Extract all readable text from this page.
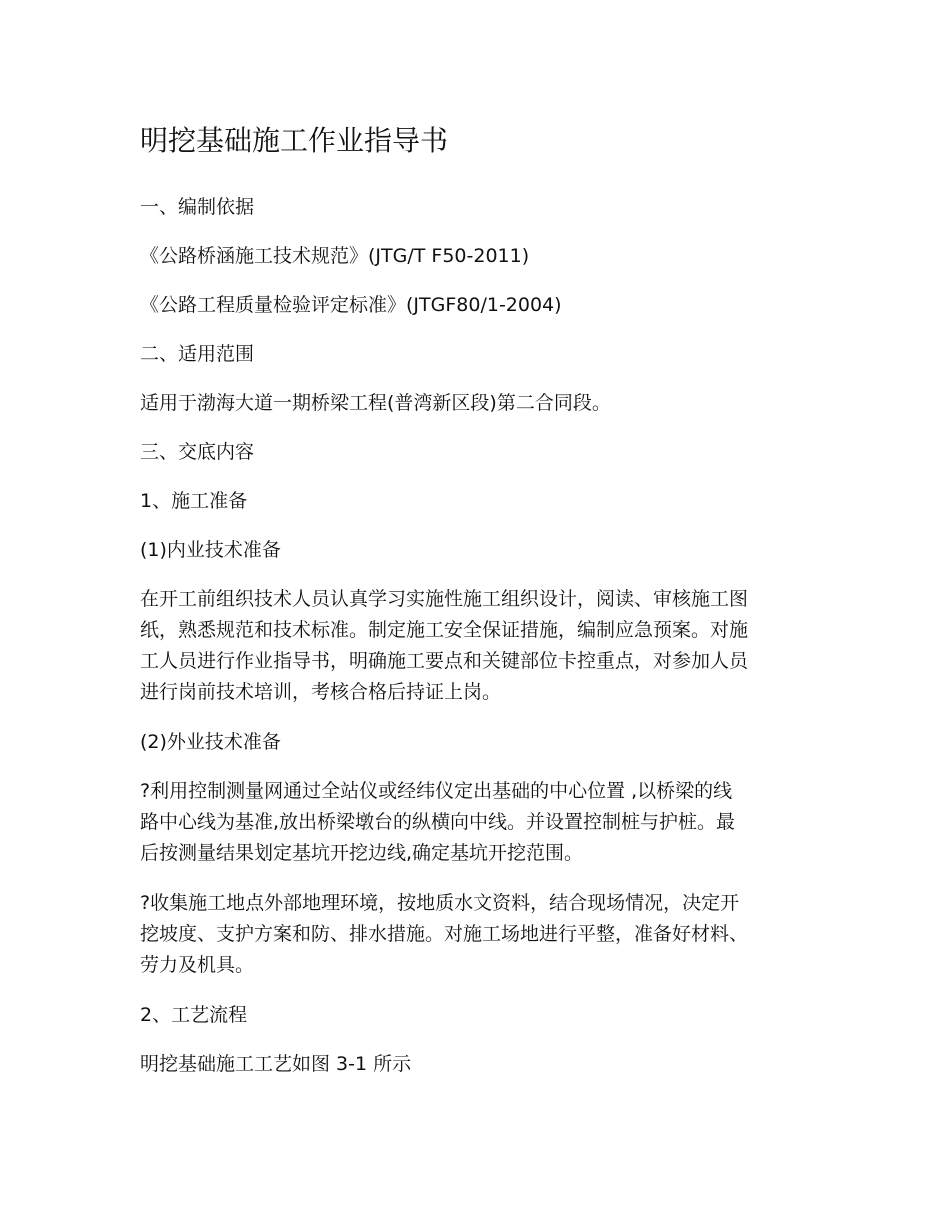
明挖基础施工作业指导书
一、编制依据
《公路桥涵施工技术规范》(JTG/T F50-2011)
《公路工程质量检验评定标准》(JTGF80/1-2004)
二、适用范围
适用于渤海大道一期桥梁工程(普湾新区段)第二合同段。
三、交底内容
1、施工准备
(1)内业技术准备
在开工前组织技术人员认真学习实施性施工组织设计，阅读、审核施工图
纸，熟悉规范和技术标准。制定施工安全保证措施，编制应急预案。对施
工人员进行作业指导书，明确施工要点和关键部位卡控重点，对参加人员
进行岗前技术培训，考核合格后持证上岗。
(2)外业技术准备
?利用控制测量网通过全站仪或经纬仪定出基础的中心位置 ,以桥梁的线
路中心线为基准,放出桥梁墩台的纵横向中线。并设置控制桩与护桩。最
后按测量结果划定基坑开挖边线,确定基坑开挖范围。
?收集施工地点外部地理环境，按地质水文资料，结合现场情况，决定开
挖坡度、支护方案和防、排水措施。对施工场地进行平整，准备好材料、
劳力及机具。
2、工艺流程
明挖基础施工工艺如图 3-1 所示
